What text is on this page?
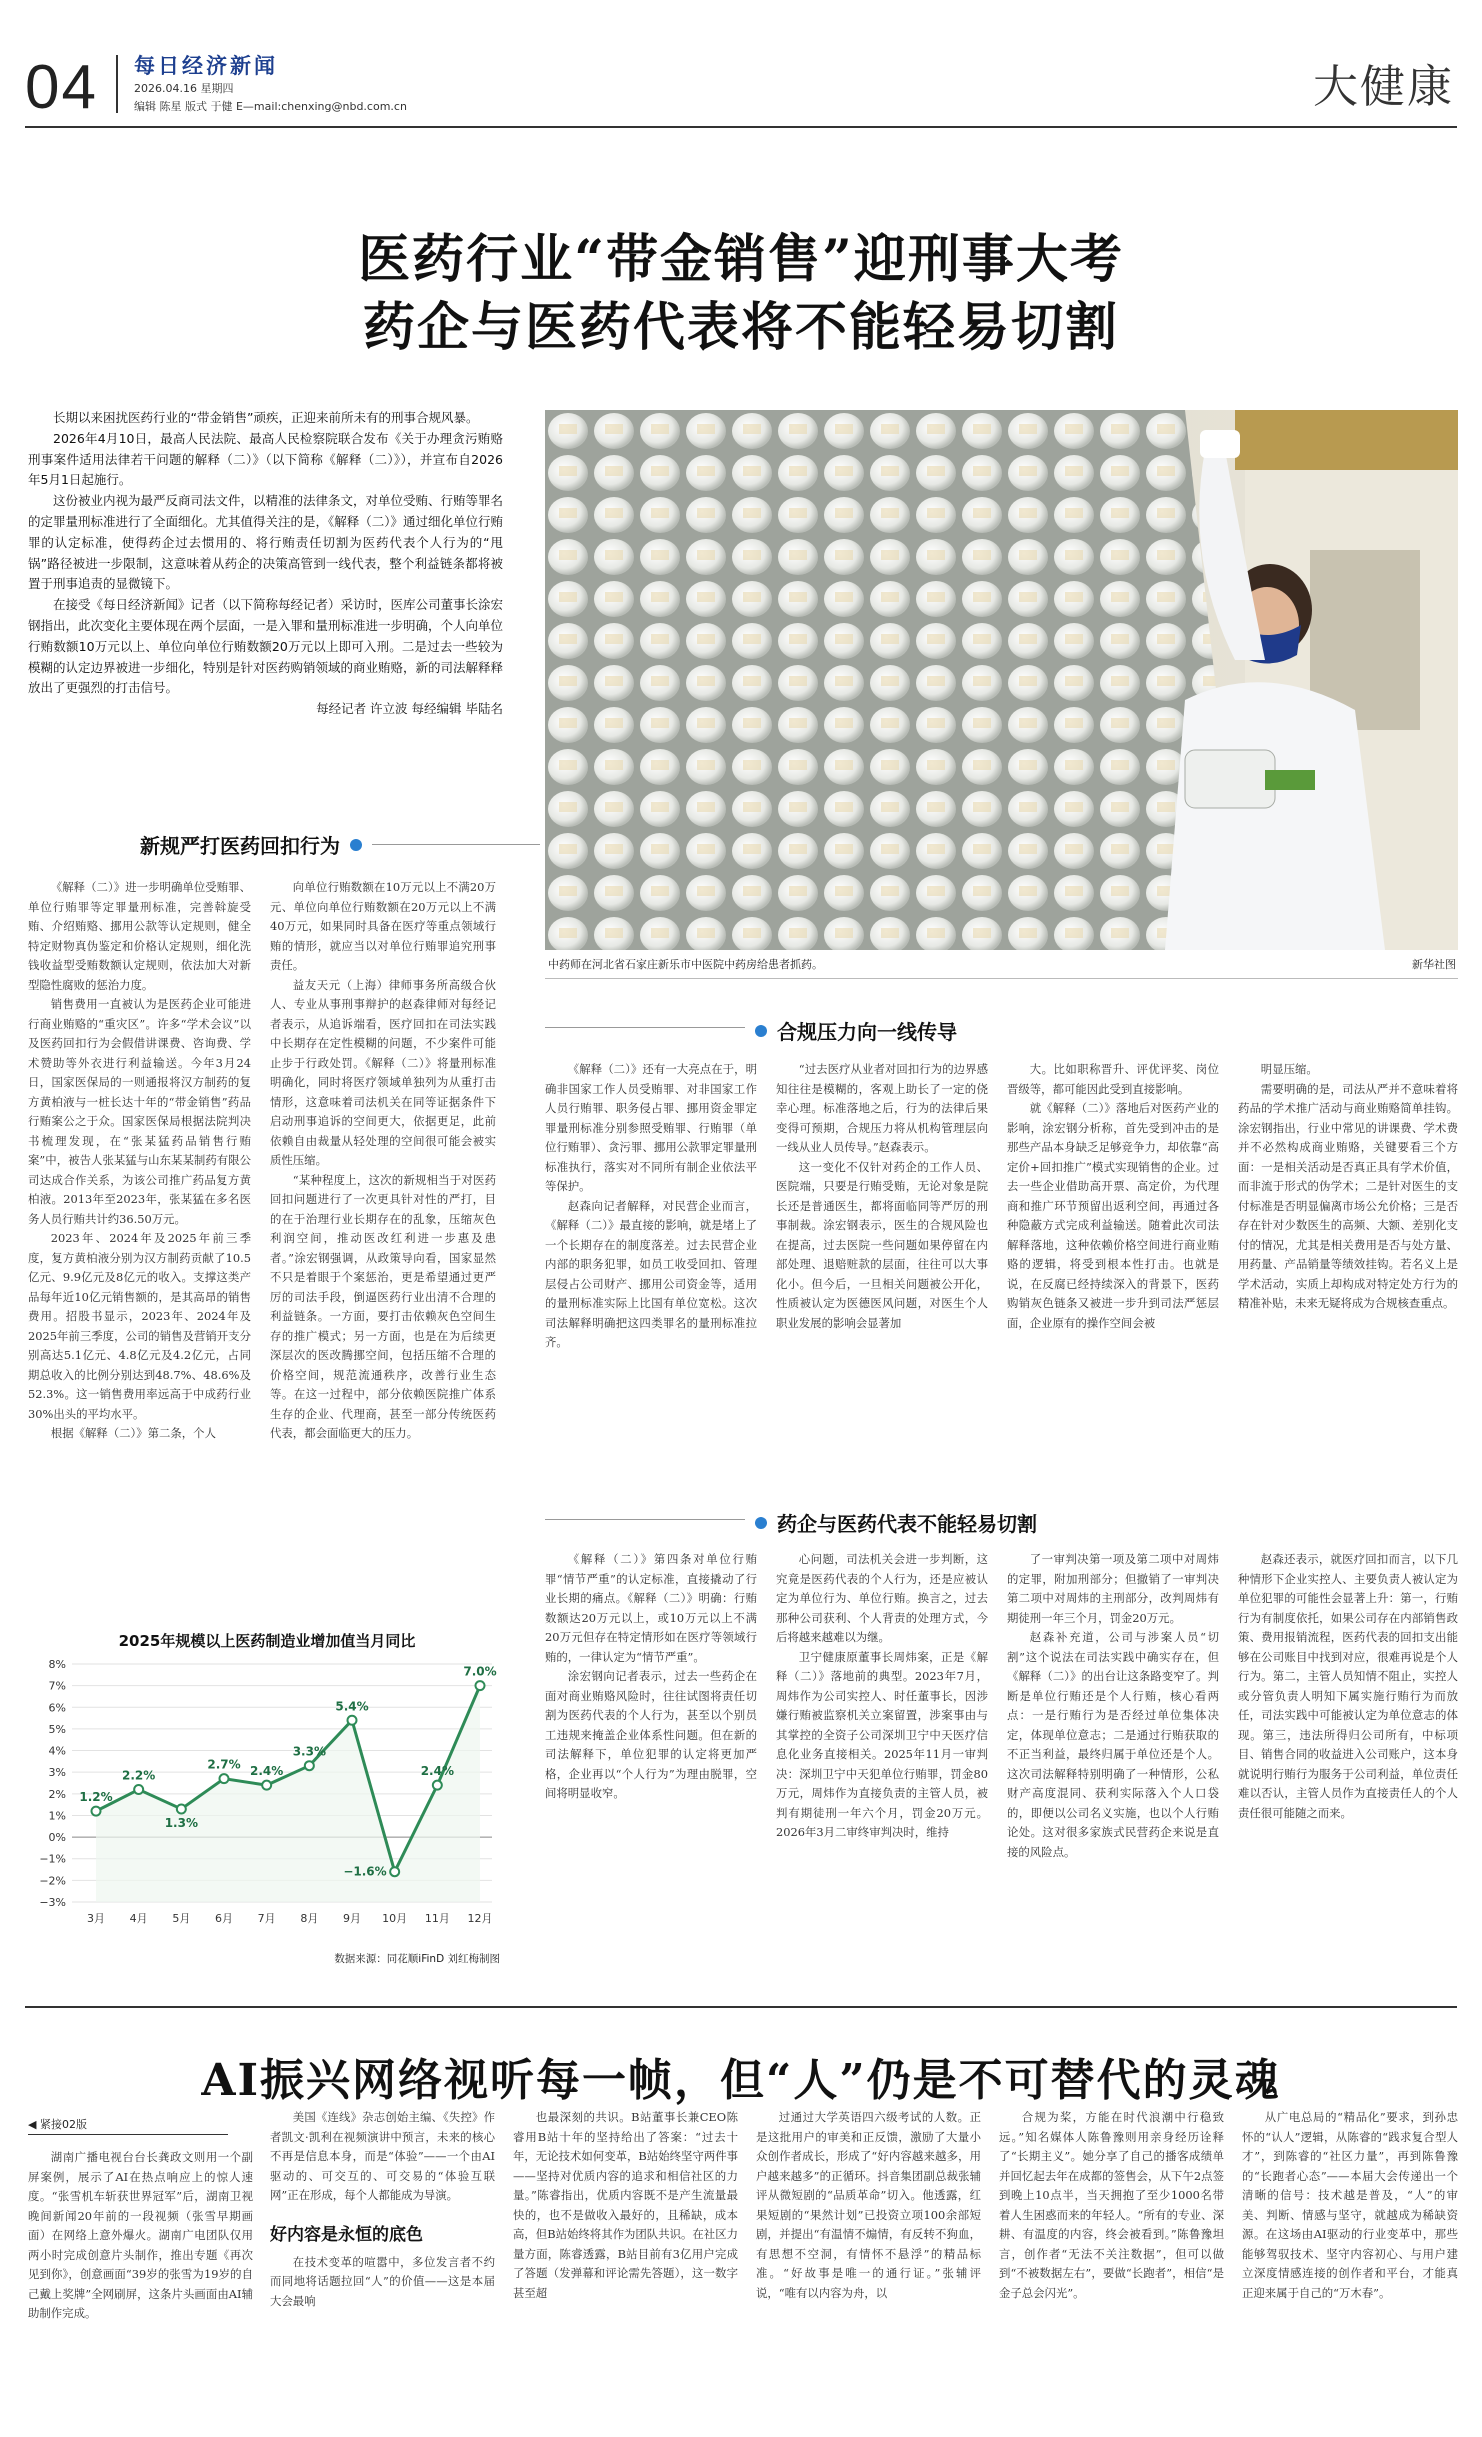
04 每日经济新闻
2026.04.16 星期四
编辑 陈星 版式 于健 E—mail:chenxing@nbd.com.cn	大健康
医药行业“带金销售”迎刑事大考
药企与医药代表将不能轻易切割

长期以来困扰医药行业的“带金销售”顽疾，正迎来前所未有的刑事合规风暴。

2026年4月10日，最高人民法院、最高人民检察院联合发布《关于办理贪污贿赂刑事案件适用法律若干问题的解释（二）》（以下简称《解释（二）》），并宣布自2026年5月1日起施行。

这份被业内视为最严反商司法文件，以精准的法律条文，对单位受贿、行贿等罪名的定罪量刑标准进行了全面细化。尤其值得关注的是，《解释（二）》通过细化单位行贿罪的认定标准，使得药企过去惯用的、将行贿责任切割为医药代表个人行为的“甩锅”路径被进一步限制，这意味着从药企的决策高管到一线代表，整个利益链条都将被置于刑事追责的显微镜下。

在接受《每日经济新闻》记者（以下简称每经记者）采访时，医库公司董事长涂宏钢指出，此次变化主要体现在两个层面，一是入罪和量刑标准进一步明确，个人向单位行贿数额10万元以上、单位向单位行贿数额20万元以上即可入刑。二是过去一些较为模糊的认定边界被进一步细化，特别是针对医药购销领域的商业贿赂，新的司法解释释放出了更强烈的打击信号。

每经记者 许立波 每经编辑 毕陆名

中药师在河北省石家庄新乐市中医院中药房给患者抓药。	新华社图
新规严打医药回扣行为

《解释（二）》进一步明确单位受贿罪、单位行贿罪等定罪量刑标准，完善斡旋受贿、介绍贿赂、挪用公款等认定规则，健全特定财物真伪鉴定和价格认定规则，细化洗钱收益型受贿数额认定规则，依法加大对新型隐性腐败的惩治力度。

销售费用一直被认为是医药企业可能进行商业贿赂的“重灾区”。许多“学术会议”以及医药回扣行为会假借讲课费、咨询费、学术赞助等外衣进行利益输送。今年3月24日，国家医保局的一则通报将汉方制药的复方黄柏液与一桩长达十年的“带金销售”药品行贿案公之于众。国家医保局根据法院判决书梳理发现，在“张某猛药品销售行贿案”中，被告人张某猛与山东某某制药有限公司达成合作关系，为该公司推广药品复方黄柏液。2013年至2023年，张某猛在多名医务人员行贿共计约36.50万元。

2023年、2024年及2025年前三季度，复方黄柏液分别为汉方制药贡献了10.5亿元、9.9亿元及8亿元的收入。支撑这类产品每年近10亿元销售额的，是其高昂的销售费用。招股书显示，2023年、2024年及2025年前三季度，公司的销售及营销开支分别高达5.1亿元、4.8亿元及4.2亿元，占同期总收入的比例分别达到48.7%、48.6%及52.3%。这一销售费用率远高于中成药行业30%出头的平均水平。

根据《解释（二）》第二条，个人

向单位行贿数额在10万元以上不满20万元、单位向单位行贿数额在20万元以上不满40万元，如果同时具备在医疗等重点领域行贿的情形，就应当以对单位行贿罪追究刑事责任。

益友天元（上海）律师事务所高级合伙人、专业从事刑事辩护的赵森律师对每经记者表示，从追诉端看，医疗回扣在司法实践中长期存在定性模糊的问题，不少案件可能止步于行政处罚。《解释（二）》将量刑标准明确化，同时将医疗领域单独列为从重打击情形，这意味着司法机关在同等证据条件下启动刑事追诉的空间更大，依据更足，此前依赖自由裁量从轻处理的空间很可能会被实质性压缩。

“某种程度上，这次的新规相当于对医药回扣问题进行了一次更具针对性的严打，目的在于治理行业长期存在的乱象，压缩灰色利润空间，推动医改红利进一步惠及患者。”涂宏钢强调，从政策导向看，国家显然不只是着眼于个案惩治，更是希望通过更严厉的司法手段，倒逼医药行业出清不合理的利益链条。一方面，要打击依赖灰色空间生存的推广模式；另一方面，也是在为后续更深层次的医改腾挪空间，包括压缩不合理的价格空间，规范流通秩序，改善行业生态等。在这一过程中，部分依赖医院推广体系生存的企业、代理商，甚至一部分传统医药代表，都会面临更大的压力。

2025年规模以上医药制造业增加值当月同比
8%
7%
6%
5%
4%
3%
2%
1%
0%
−1%
−2%
−3%
3月 4月 5月 6月 7月 8月 9月 10月 11月 12月
1.2%
2.2%
1.3%
2.7% 2.4%
3.3%
5.4%
−1.6%
2.4%
7.0%
数据来源：同花顺iFinD 刘红梅制图
合规压力向一线传导

《解释（二）》还有一大亮点在于，明确非国家工作人员受贿罪、对非国家工作人员行贿罪、职务侵占罪、挪用资金罪定罪量刑标准分别参照受贿罪、行贿罪（单位行贿罪）、贪污罪、挪用公款罪定罪量刑标准执行，落实对不同所有制企业依法平等保护。

赵森向记者解释，对民营企业而言，《解释（二）》最直接的影响，就是堵上了一个长期存在的制度落差。过去民营企业内部的职务犯罪，如员工收受回扣、管理层侵占公司财产、挪用公司资金等，适用的量刑标准实际上比国有单位宽松。这次司法解释明确把这四类罪名的量刑标准拉齐。

“过去医疗从业者对回扣行为的边界感知往往是模糊的，客观上助长了一定的侥幸心理。标准落地之后，行为的法律后果变得可预期，合规压力将从机构管理层向一线从业人员传导。”赵森表示。

这一变化不仅针对药企的工作人员、医院端，只要是行贿受贿，无论对象是院长还是普通医生，都将面临同等严厉的刑事制裁。涂宏钢表示，医生的合规风险也在提高，过去医院一些问题如果停留在内部处理、退赔赃款的层面，往往可以大事化小。但今后，一旦相关问题被公开化，性质被认定为医德医风问题，对医生个人职业发展的影响会显著加

大。比如职称晋升、评优评奖、岗位晋级等，都可能因此受到直接影响。

就《解释（二）》落地后对医药产业的影响，涂宏钢分析称，首先受到冲击的是那些产品本身缺乏足够竞争力，却依靠“高定价+回扣推广”模式实现销售的企业。过去一些企业借助高开票、高定价，为代理商和推广环节预留出返利空间，再通过各种隐蔽方式完成利益输送。随着此次司法解释落地，这种依赖价格空间进行商业贿赂的逻辑，将受到根本性打击。也就是说，在反腐已经持续深入的背景下，医药购销灰色链条又被进一步升到司法严惩层面，企业原有的操作空间会被

明显压缩。

需要明确的是，司法从严并不意味着将药品的学术推广活动与商业贿赂简单挂钩。涂宏钢指出，行业中常见的讲课费、学术费并不必然构成商业贿赂，关键要看三个方面：一是相关活动是否真正具有学术价值，而非流于形式的伪学术；二是针对医生的支付标准是否明显偏离市场公允价格；三是否存在针对少数医生的高频、大额、差别化支付的情况，尤其是相关费用是否与处方量、用药量、产品销量等绩效挂钩。若名义上是学术活动，实质上却构成对特定处方行为的精准补贴，未来无疑将成为合规核查重点。

药企与医药代表不能轻易切割

《解释（二）》第四条对单位行贿罪“情节严重”的认定标准，直接撬动了行业长期的痛点。《解释（二）》明确：行贿数额达20万元以上，或10万元以上不满20万元但存在特定情形如在医疗等领域行贿的，一律认定为“情节严重”。

涂宏钢向记者表示，过去一些药企在面对商业贿赂风险时，往往试图将责任切割为医药代表的个人行为，甚至以个别员工违规来掩盖企业体系性问题。但在新的司法解释下，单位犯罪的认定将更加严格，企业再以“个人行为”为理由脱罪，空间将明显收窄。

心问题，司法机关会进一步判断，这究竟是医药代表的个人行为，还是应被认定为单位行为、单位行贿。换言之，过去那种公司获利、个人背责的处理方式，今后将越来越难以为继。

卫宁健康原董事长周炜案，正是《解释（二）》落地前的典型。2023年7月，周炜作为公司实控人、时任董事长，因涉嫌行贿被监察机关立案留置，涉案事由与其掌控的全资子公司深圳卫宁中天医疗信息化业务直接相关。2025年11月一审判决：深圳卫宁中天犯单位行贿罪，罚金80万元，周炜作为直接负责的主管人员，被判有期徒刑一年六个月，罚金20万元。2026年3月二审终审判决时，维持

了一审判决第一项及第二项中对周炜的定罪，附加刑部分；但撤销了一审判决第二项中对周炜的主刑部分，改判周炜有期徒刑一年三个月，罚金20万元。

赵森补充道，公司与涉案人员“切割”这个说法在司法实践中确实存在，但《解释（二）》的出台让这条路变窄了。判断是单位行贿还是个人行贿，核心看两点：一是行贿行为是否经过单位集体决定，体现单位意志；二是通过行贿获取的不正当利益，最终归属于单位还是个人。这次司法解释特别明确了一种情形，公私财产高度混同、获利实际落入个人口袋的，即便以公司名义实施，也以个人行贿论处。这对很多家族式民营药企来说是直接的风险点。

赵森还表示，就医疗回扣而言，以下几种情形下企业实控人、主要负责人被认定为单位犯罪的可能性会显著上升：第一，行贿行为有制度依托，如果公司存在内部销售政策、费用报销流程，医药代表的回扣支出能够在公司账目中找到对应，很难再说是个人行为。第二，主管人员知情不阻止，实控人或分管负责人明知下属实施行贿行为而放任，司法实践中可能被认定为单位意志的体现。第三，违法所得归公司所有，中标项目、销售合同的收益进入公司账户，这本身就说明行贿行为服务于公司利益，单位责任难以否认，主管人员作为直接责任人的个人责任很可能随之而来。

AI振兴网络视听每一帧，但“人”仍是不可替代的灵魂
◀ 紧接02版

湖南广播电视台台长龚政文则用一个副屏案例，展示了AI在热点响应上的惊人速度。“张雪机车斩获世界冠军”后，湖南卫视晚间新闻20年前的一段视频（张雪早期画面）在网络上意外爆火。湖南广电团队仅用两小时完成创意片头制作，推出专题《再次见到你》，创意画面“39岁的张雪为19岁的自己戴上奖牌”全网刷屏，这条片头画面由AI辅助制作完成。

美国《连线》杂志创始主编、《失控》作者凯文·凯利在视频演讲中预言，未来的核心不再是信息本身，而是“体验”——一个由AI驱动的、可交互的、可交易的“体验互联网”正在形成，每个人都能成为导演。
好内容是永恒的底色
在技术变革的喧嚣中，多位发言者不约而同地将话题拉回“人”的价值——这是本届大会最响

也最深刻的共识。B站董事长兼CEO陈睿用B站十年的坚持给出了答案：“过去十年，无论技术如何变革，B站始终坚守两件事——坚持对优质内容的追求和相信社区的力量。”陈睿指出，优质内容既不是产生流量最快的，也不是做收入最好的，且稀缺，成本高，但B站始终将其作为团队共识。在社区力量方面，陈睿透露，B站目前有3亿用户完成了答题（发弹幕和评论需先答题），这一数字甚至超

过通过大学英语四六级考试的人数。正是这批用户的审美和正反馈，激励了大量小众创作者成长，形成了“好内容越来越多，用户越来越多”的正循环。抖音集团副总裁张辅评从微短剧的“品质革命”切入。他透露，红果短剧的“果然计划”已投资立项100余部短剧，并提出“有温情不煽情，有反转不狗血，有思想不空洞，有情怀不悬浮”的精品标准。“好故事是唯一的通行证。”张辅评说，“唯有以内容为舟，以

合规为桨，方能在时代浪潮中行稳致远。”知名媒体人陈鲁豫则用亲身经历诠释了“长期主义”。她分享了自己的播客成绩单并回忆起去年在成都的签售会，从下午2点签到晚上10点半，当天拥抱了至少1000名带着人生困惑而来的年轻人。“所有的专业、深耕、有温度的内容，终会被看到。”陈鲁豫坦言，创作者“无法不关注数据”，但可以做到“不被数据左右”，要做“长跑者”，相信“是金子总会闪光”。

从广电总局的“精品化”要求，到孙忠怀的“认人”逻辑，从陈睿的“践求复合型人才”，到陈睿的“社区力量”，再到陈鲁豫的“长跑者心态”——本届大会传递出一个清晰的信号：技术越是普及，“人”的审美、判断、情感与坚守，就越成为稀缺资源。在这场由AI驱动的行业变革中，那些能够驾驭技术、坚守内容初心、与用户建立深度情感连接的创作者和平台，才能真正迎来属于自己的“万木春”。
